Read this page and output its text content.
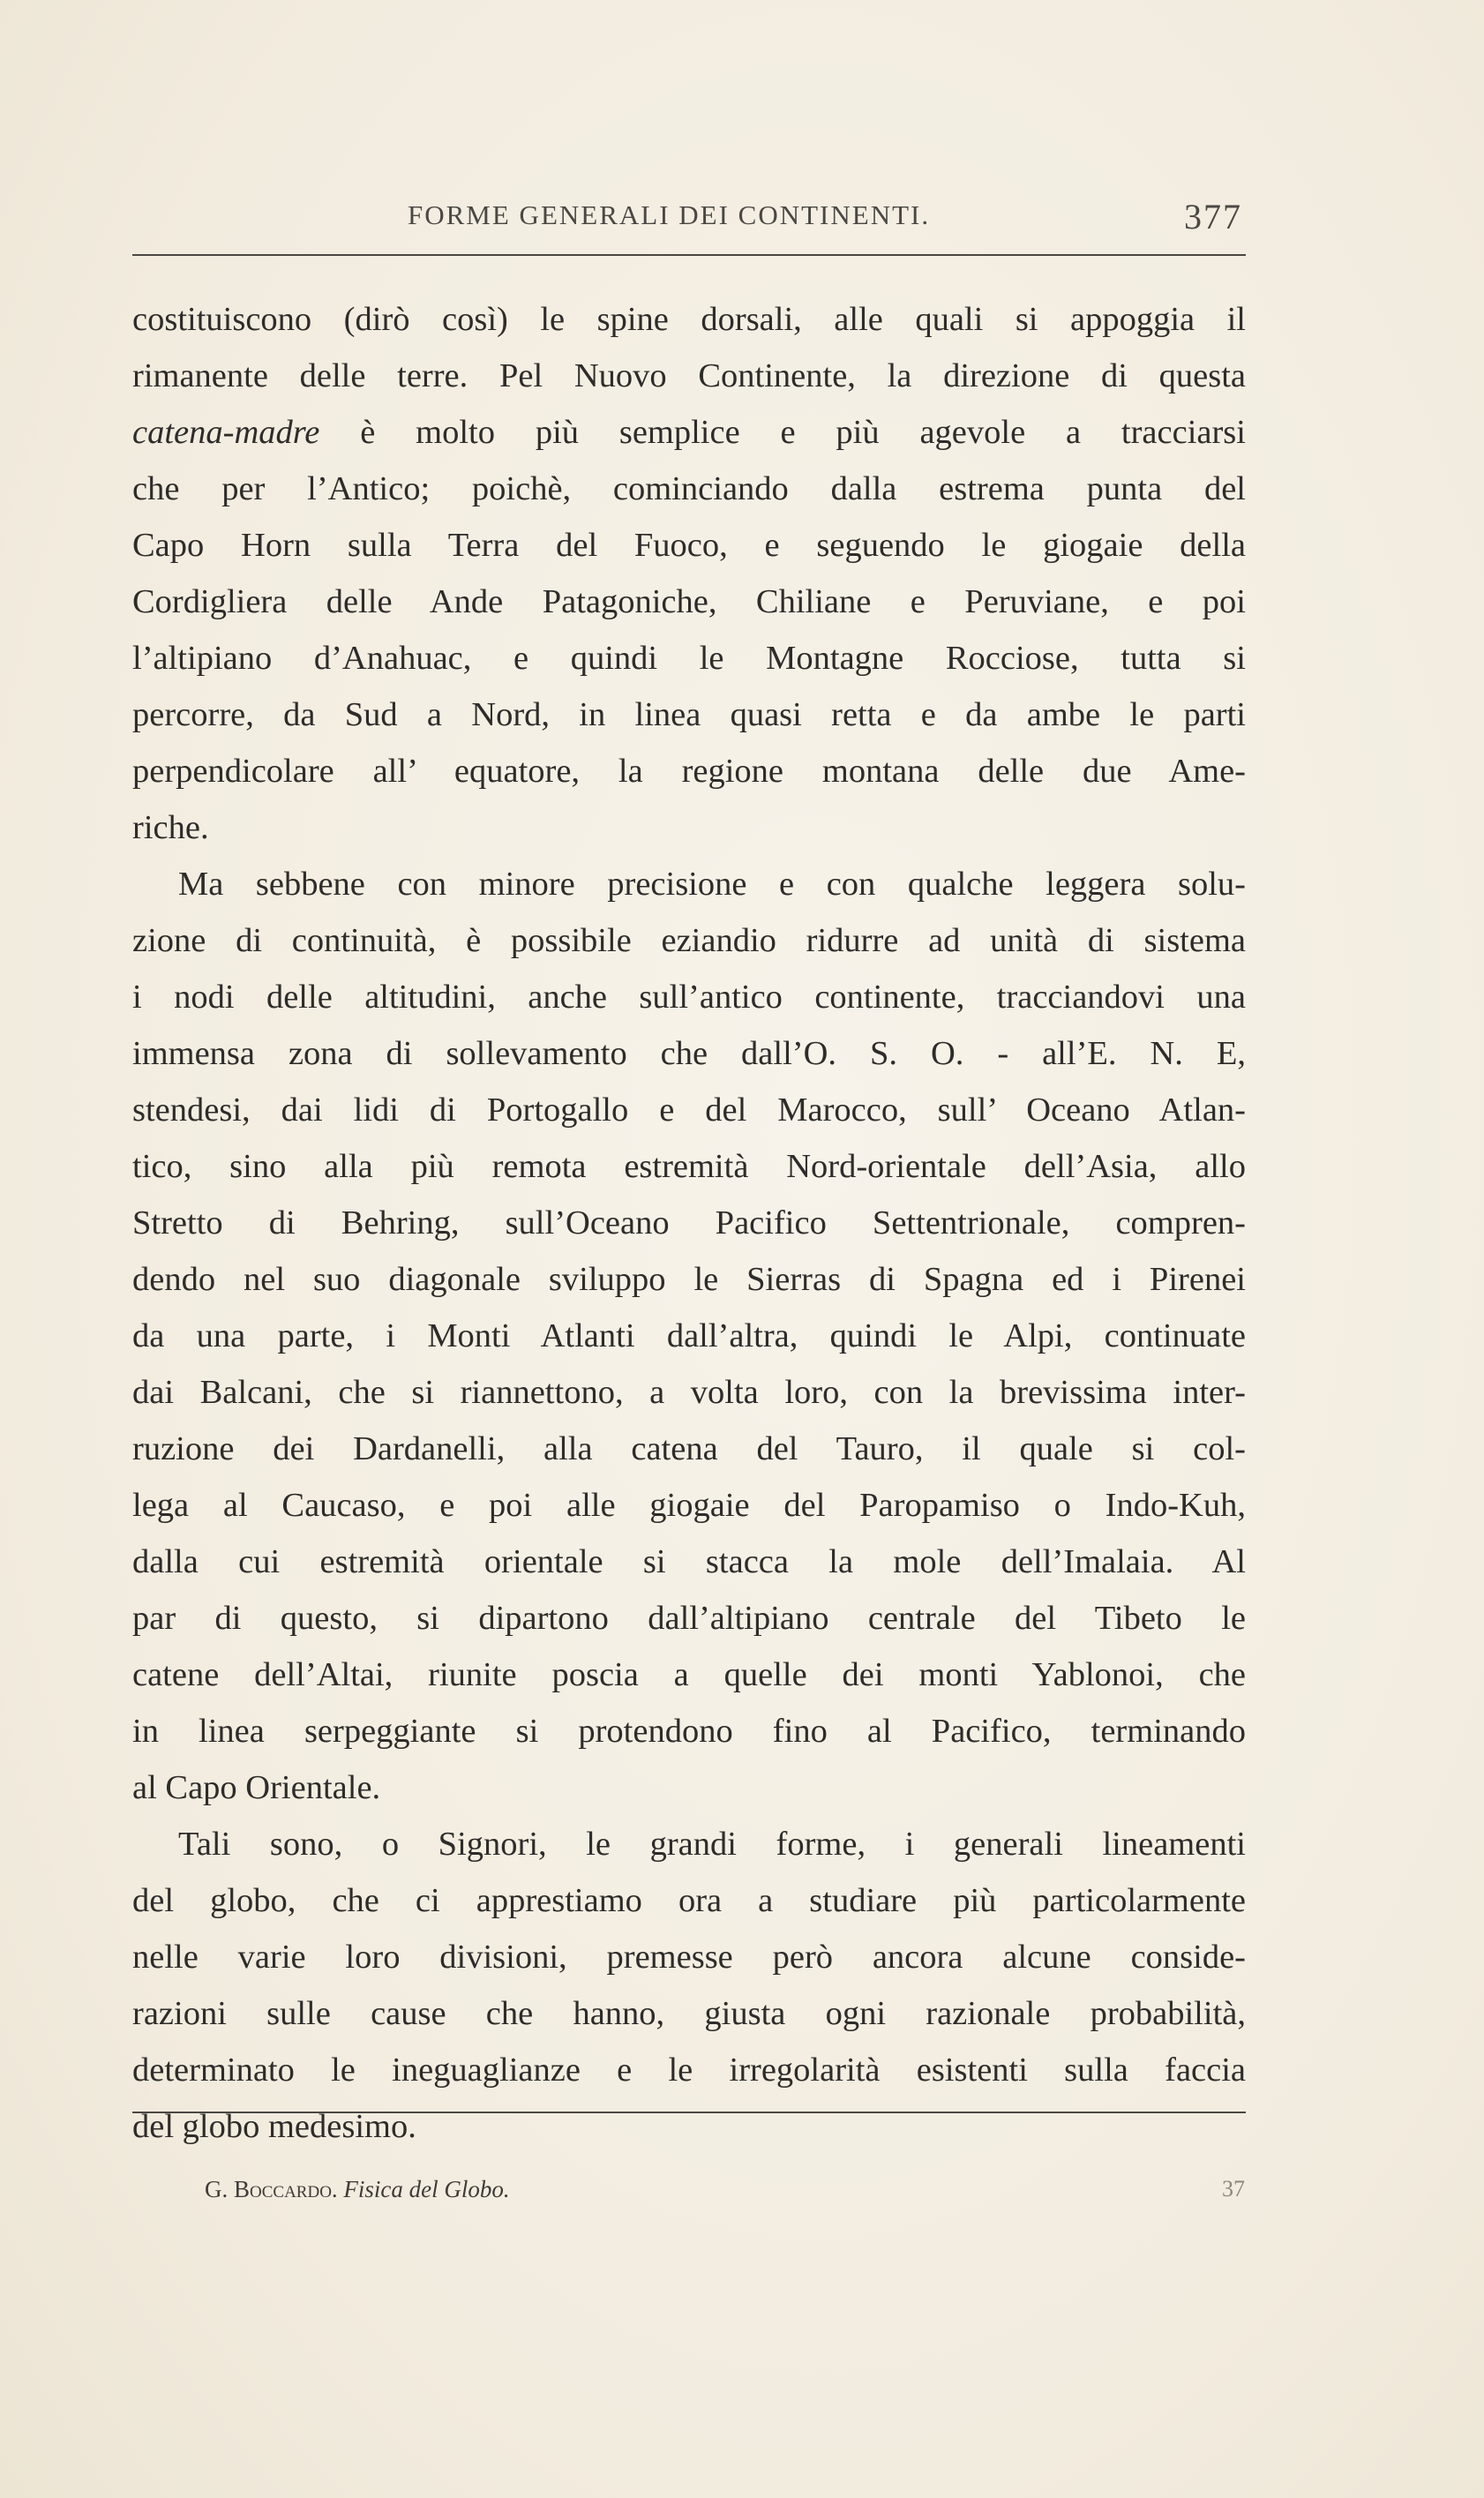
FORME GENERALI DEI CONTINENTI.	377
costituiscono (dirò così) le spine dorsali, alle quali si appoggia il
rimanente delle terre. Pel Nuovo Continente, la direzione di questa
catena-madre è molto più semplice e più agevole a tracciarsi
che per l’Antico; poichè, cominciando dalla estrema punta del
Capo Horn sulla Terra del Fuoco, e seguendo le giogaie della
Cordigliera delle Ande Patagoniche, Chiliane e Peruviane, e poi
l’altipiano d’Anahuac, e quindi le Montagne Rocciose, tutta si
percorre, da Sud a Nord, in linea quasi retta e da ambe le parti
perpendicolare all’ equatore, la regione montana delle due Ame-
riche.
Ma sebbene con minore precisione e con qualche leggera solu-
zione di continuità, è possibile eziandio ridurre ad unità di sistema
i nodi delle altitudini, anche sull’antico continente, tracciandovi una
immensa zona di sollevamento che dall’O. S. O. - all’E. N. E,
stendesi, dai lidi di Portogallo e del Marocco, sull’ Oceano Atlan-
tico, sino alla più remota estremità Nord-orientale dell’Asia, allo
Stretto di Behring, sull’Oceano Pacifico Settentrionale, compren-
dendo nel suo diagonale sviluppo le Sierras di Spagna ed i Pirenei
da una parte, i Monti Atlanti dall’altra, quindi le Alpi, continuate
dai Balcani, che si riannettono, a volta loro, con la brevissima inter-
ruzione dei Dardanelli, alla catena del Tauro, il quale si col-
lega al Caucaso, e poi alle giogaie del Paropamiso o Indo-Kuh,
dalla cui estremità orientale si stacca la mole dell’Imalaia. Al
par di questo, si dipartono dall’altipiano centrale del Tibeto le
catene dell’Altai, riunite poscia a quelle dei monti Yablonoi, che
in linea serpeggiante si protendono fino al Pacifico, terminando
al Capo Orientale.
Tali sono, o Signori, le grandi forme, i generali lineamenti
del globo, che ci apprestiamo ora a studiare più particolarmente
nelle varie loro divisioni, premesse però ancora alcune conside-
razioni sulle cause che hanno, giusta ogni razionale probabilità,
determinato le ineguaglianze e le irregolarità esistenti sulla faccia
del globo medesimo.
G. Boccardo. Fisica del Globo.	37
